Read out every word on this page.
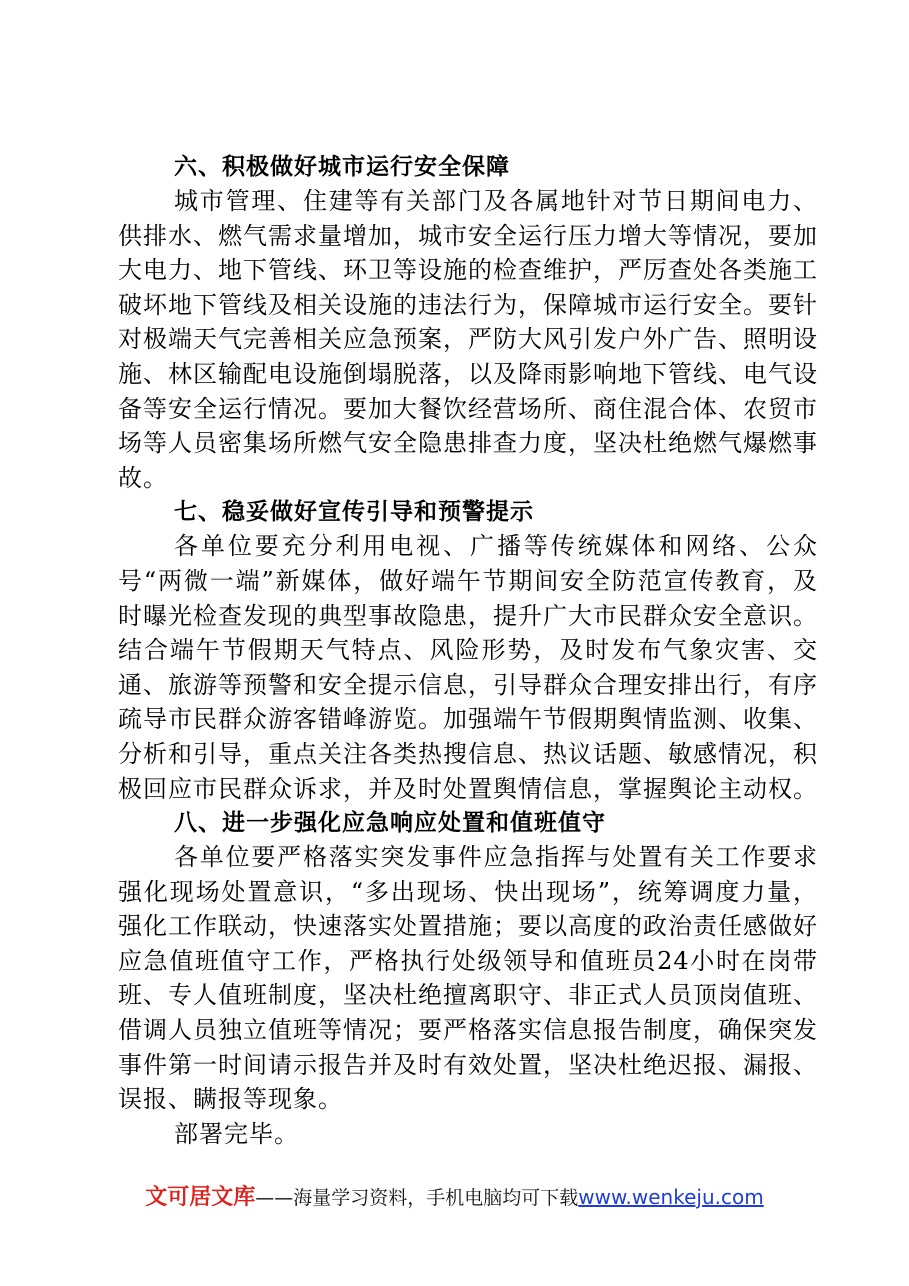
六、积极做好城市运行安全保障

城市管理、住建等有关部门及各属地针对节日期间电力、供排水、燃气需求量增加，城市安全运行压力增大等情况，要加大电力、地下管线、环卫等设施的检查维护，严厉查处各类施工破坏地下管线及相关设施的违法行为，保障城市运行安全。要针对极端天气完善相关应急预案，严防大风引发户外广告、照明设施、林区输配电设施倒塌脱落，以及降雨影响地下管线、电气设备等安全运行情况。要加大餐饮经营场所、商住混合体、农贸市场等人员密集场所燃气安全隐患排查力度，坚决杜绝燃气爆燃事故。

七、稳妥做好宣传引导和预警提示

各单位要充分利用电视、广播等传统媒体和网络、公众号“两微一端”新媒体，做好端午节期间安全防范宣传教育，及时曝光检查发现的典型事故隐患，提升广大市民群众安全意识。结合端午节假期天气特点、风险形势，及时发布气象灾害、交通、旅游等预警和安全提示信息，引导群众合理安排出行，有序疏导市民群众游客错峰游览。加强端午节假期舆情监测、收集、分析和引导，重点关注各类热搜信息、热议话题、敏感情况，积极回应市民群众诉求，并及时处置舆情信息，掌握舆论主动权。

八、进一步强化应急响应处置和值班值守

各单位要严格落实突发事件应急指挥与处置有关工作要求强化现场处置意识，“多出现场、快出现场”，统筹调度力量，强化工作联动，快速落实处置措施；要以高度的政治责任感做好应急值班值守工作，严格执行处级领导和值班员24小时在岗带班、专人值班制度，坚决杜绝擅离职守、非正式人员顶岗值班、借调人员独立值班等情况；要严格落实信息报告制度，确保突发事件第一时间请示报告并及时有效处置，坚决杜绝迟报、漏报、误报、瞒报等现象。

部署完毕。

文可居文库——海量学习资料，手机电脑均可下载www.wenkeju.com
